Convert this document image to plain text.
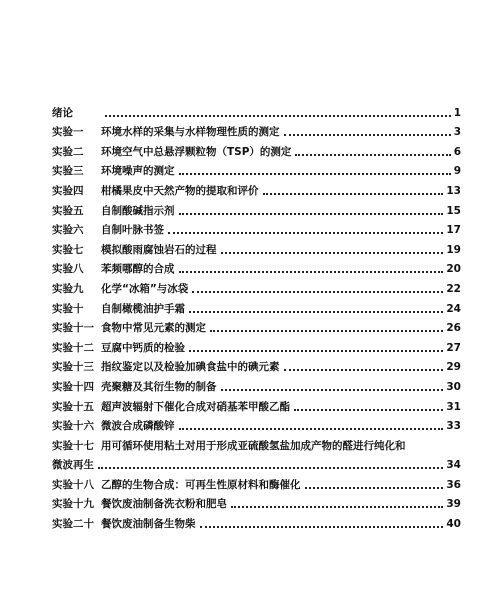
绪论	1
实验一	环境水样的采集与水样物理性质的测定	3
实验二	环境空气中总悬浮颗粒物（TSP）的测定	6
实验三	环境噪声的测定	9
实验四	柑橘果皮中天然产物的提取和评价	13
实验五	自制酸碱指示剂	15
实验六	自制叶脉书签	17
实验七	模拟酸雨腐蚀岩石的过程	19
实验八	苯频哪醇的合成	20
实验九	化学“冰箱”与冰袋	22
实验十	自制橄榄油护手霜	24
实验十一 食物中常见元素的测定	26
实验十二 豆腐中钙质的检验	27
实验十三 指纹鉴定以及检验加碘食盐中的碘元素	29
实验十四 壳聚糖及其衍生物的制备	30
实验十五 超声波辐射下催化合成对硝基苯甲酸乙酯	31
实验十六 微波合成磷酸锌	33
实验十七 用可循环使用粘土对用于形成亚硫酸氢盐加成产物的醛进行纯化和
微波再生	34
实验十八 乙醇的生物合成：可再生性原材料和酶催化	36
实验十九 餐饮废油制备洗衣粉和肥皂	39
实验二十 餐饮废油制备生物柴	40
